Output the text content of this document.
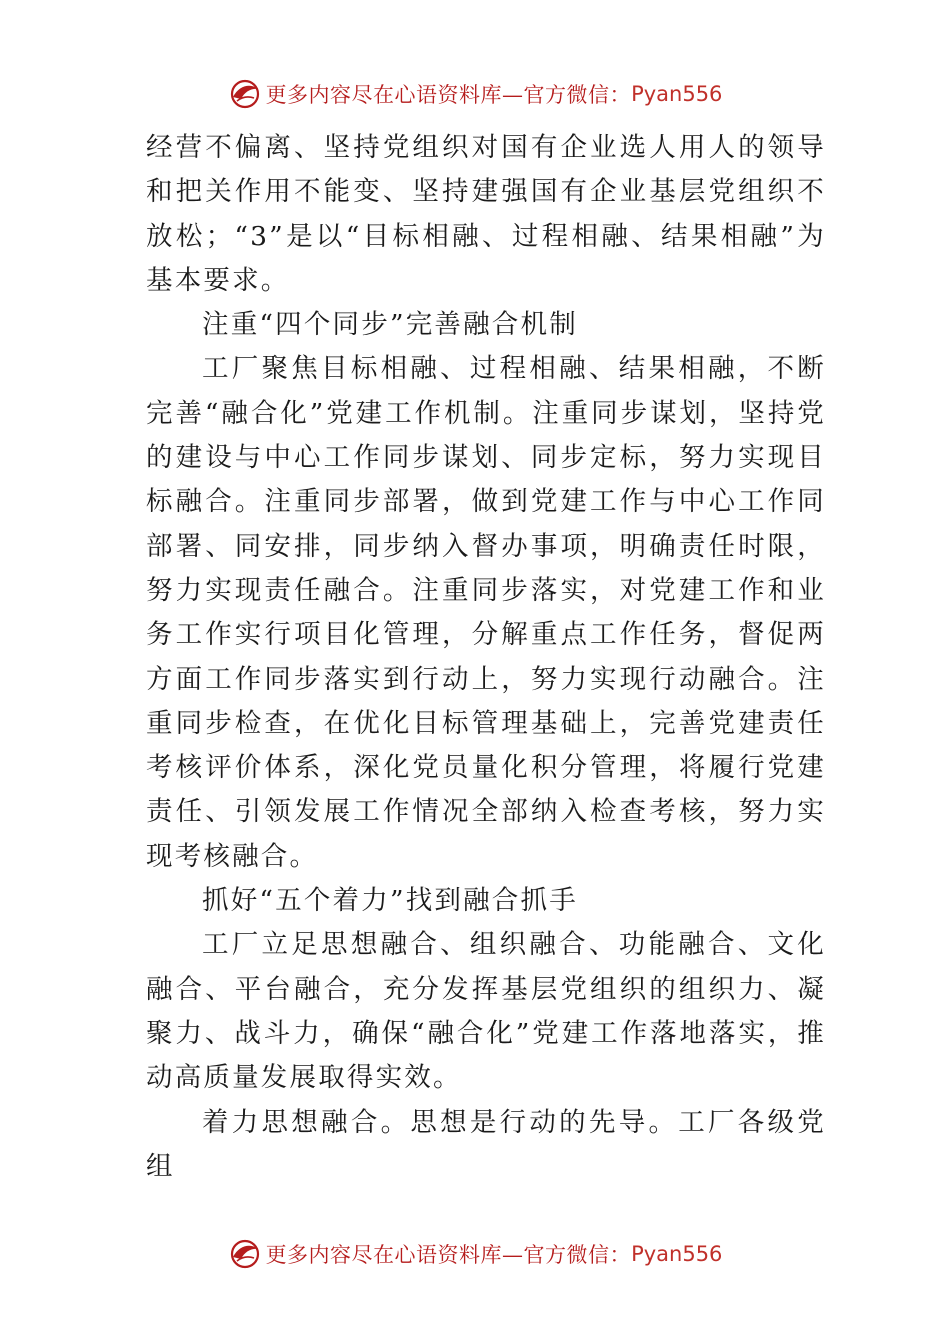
更多内容尽在心语资料库—官方微信： Pyan556

经营不偏离、坚持党组织对国有企业选人用人的领导和把关作用不能变、坚持建强国有企业基层党组织不放松；“3”是以“目标相融、过程相融、结果相融”为基本要求。

注重“四个同步”完善融合机制

工厂聚焦目标相融、过程相融、结果相融，不断完善“融合化”党建工作机制。注重同步谋划，坚持党的建设与中心工作同步谋划、同步定标，努力实现目标融合。注重同步部署，做到党建工作与中心工作同部署、同安排，同步纳入督办事项，明确责任时限，努力实现责任融合。注重同步落实，对党建工作和业务工作实行项目化管理，分解重点工作任务，督促两方面工作同步落实到行动上，努力实现行动融合。注重同步检查，在优化目标管理基础上，完善党建责任考核评价体系，深化党员量化积分管理，将履行党建责任、引领发展工作情况全部纳入检查考核，努力实现考核融合。

抓好“五个着力”找到融合抓手

工厂立足思想融合、组织融合、功能融合、文化融合、平台融合，充分发挥基层党组织的组织力、凝聚力、战斗力，确保“融合化”党建工作落地落实，推动高质量发展取得实效。

着力思想融合。思想是行动的先导。工厂各级党组

更多内容尽在心语资料库—官方微信： Pyan556
